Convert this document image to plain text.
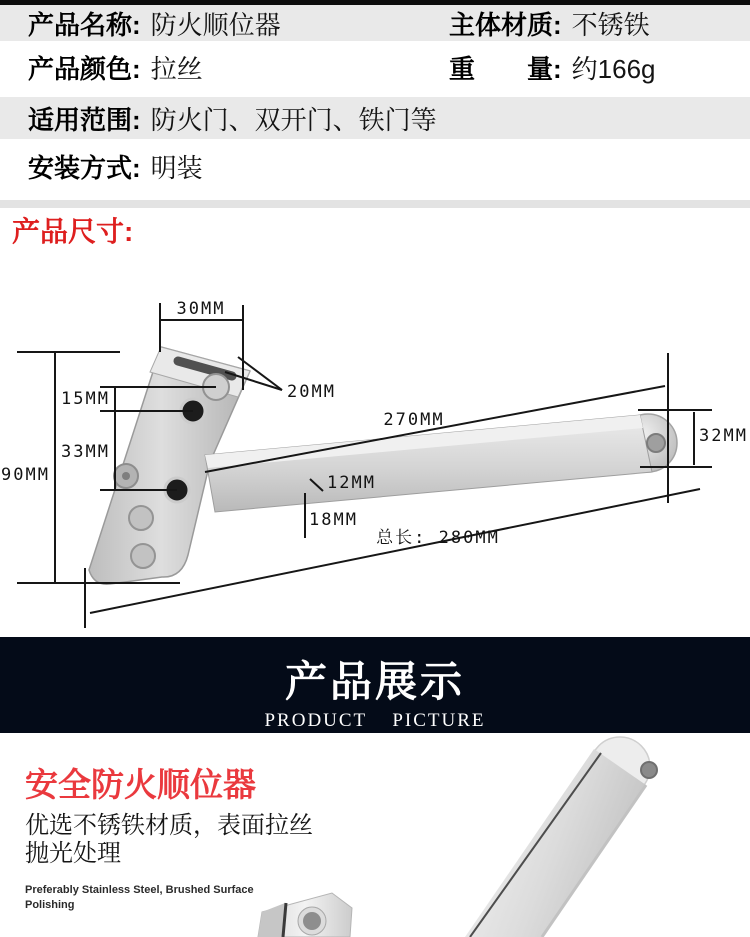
产品名称: 防火顺位器	主体材质: 不锈铁
产品颜色: 拉丝	重　　量: 约166g
适用范围: 防火门、双开门、铁门等
安装方式: 明装
产品尺寸:
30MM
20MM
15MM
33MM
90MM
270MM
32MM
12MM
18MM
总长: 280MM
产品展示
PRODUCT  PICTURE
安全防火顺位器
优选不锈铁材质，表面拉丝
抛光处理
Preferably Stainless Steel, Brushed Surface
Polishing
